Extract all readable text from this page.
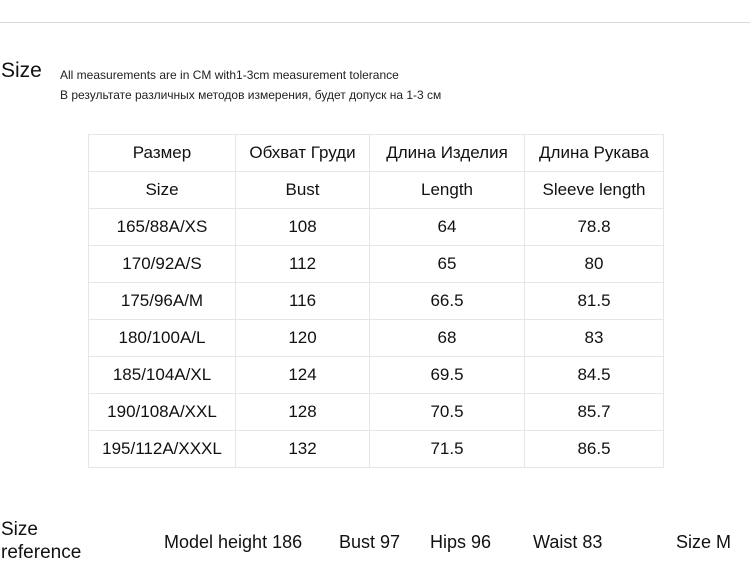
Size All measurements are in CM with1-3cm measurement tolerance
В результате различных методов измерения, будет допуск на 1-3 см
Размер	Обхват Груди	Длина Изделия	Длина Рукава
Size	Bust	Length	Sleeve length
165/88A/XS	108	64	78.8
170/92A/S	112	65	80
175/96A/M	116	66.5	81.5
180/100A/L	120	68	83
185/104A/XL	124	69.5	84.5
190/108A/XXL	128	70.5	85.7
195/112A/XXXL	132	71.5	86.5
Size
reference	Model height 186 Bust 97 Hips 96 Waist 83	Size M
